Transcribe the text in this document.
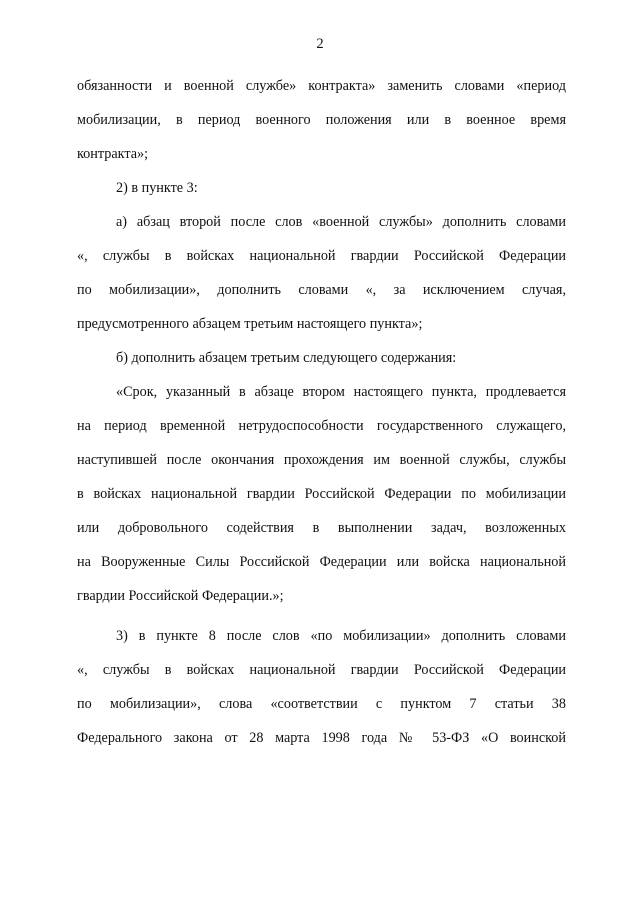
2
обязанности и военной службе» контракта» заменить словами «период
мобилизации, в период военного положения или в военное время
контракта»;
2) в пункте 3:
а) абзац второй после слов «военной службы» дополнить словами
«, службы в войсках национальной гвардии Российской Федерации
по мобилизации», дополнить словами «, за исключением случая,
предусмотренного абзацем третьим настоящего пункта»;
б) дополнить абзацем третьим следующего содержания:
«Срок, указанный в абзаце втором настоящего пункта, продлевается
на период временной нетрудоспособности государственного служащего,
наступившей после окончания прохождения им военной службы, службы
в войсках национальной гвардии Российской Федерации по мобилизации
или добровольного содействия в выполнении задач, возложенных
на Вооруженные Силы Российской Федерации или войска национальной
гвардии Российской Федерации.»;
3) в пункте 8 после слов «по мобилизации» дополнить словами
«, службы в войсках национальной гвардии Российской Федерации
по мобилизации», слова «соответствии с пунктом 7 статьи 38
Федерального закона от 28 марта 1998 года № 53-ФЗ «О воинской
